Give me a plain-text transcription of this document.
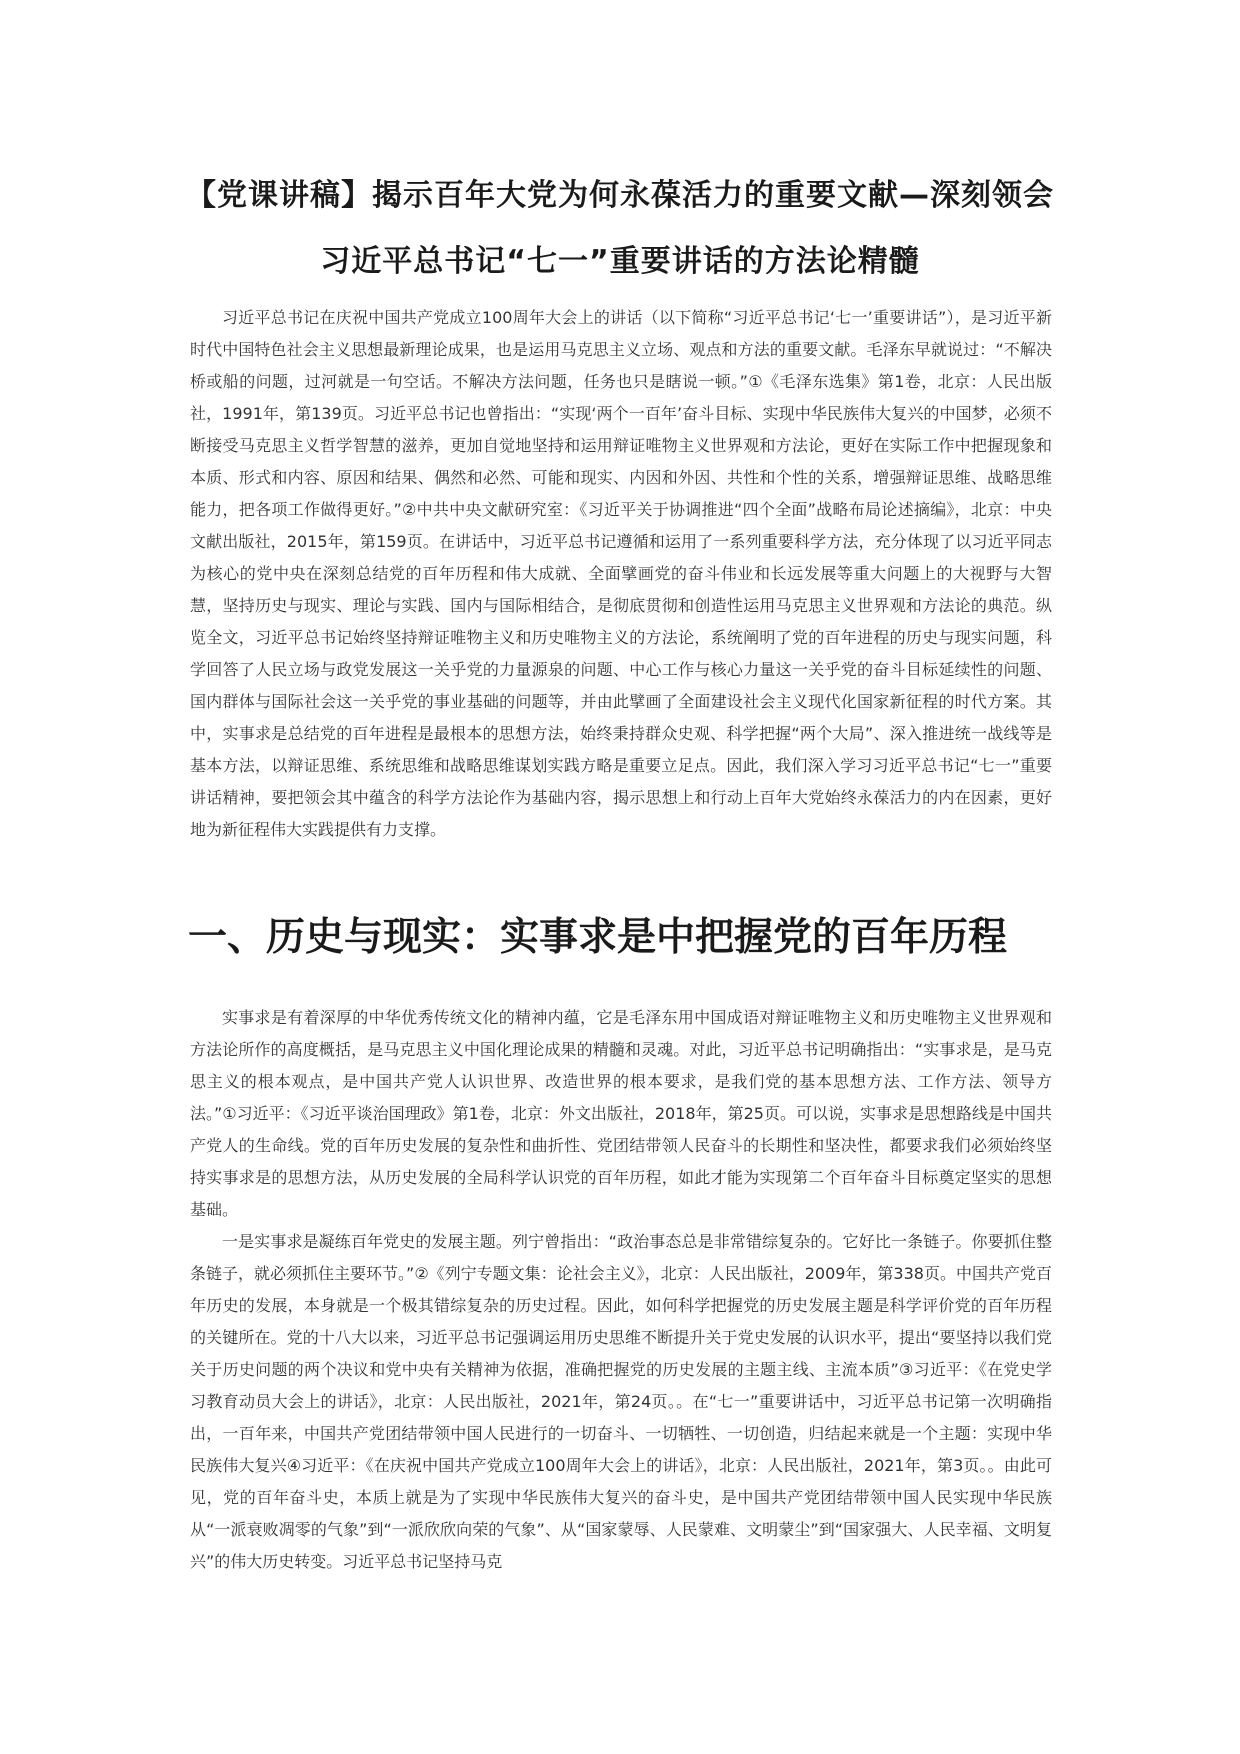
【党课讲稿】揭示百年大党为何永葆活力的重要文献—深刻领会
习近平总书记“七一”重要讲话的方法论精髓

习近平总书记在庆祝中国共产党成立100周年大会上的讲话（以下简称“习近平总书记‘七一’重要讲话”），是习近平新时代中国特色社会主义思想最新理论成果，也是运用马克思主义立场、观点和方法的重要文献。毛泽东早就说过：“不解决桥或船的问题，过河就是一句空话。不解决方法问题，任务也只是瞎说一顿。”①《毛泽东选集》第1卷，北京：人民出版社，1991年，第139页。习近平总书记也曾指出：“实现‘两个一百年’奋斗目标、实现中华民族伟大复兴的中国梦，必须不断接受马克思主义哲学智慧的滋养，更加自觉地坚持和运用辩证唯物主义世界观和方法论，更好在实际工作中把握现象和本质、形式和内容、原因和结果、偶然和必然、可能和现实、内因和外因、共性和个性的关系，增强辩证思维、战略思维能力，把各项工作做得更好。”②中共中央文献研究室：《习近平关于协调推进“四个全面”战略布局论述摘编》，北京：中央文献出版社，2015年，第159页。在讲话中，习近平总书记遵循和运用了一系列重要科学方法，充分体现了以习近平同志为核心的党中央在深刻总结党的百年历程和伟大成就、全面擘画党的奋斗伟业和长远发展等重大问题上的大视野与大智慧，坚持历史与现实、理论与实践、国内与国际相结合，是彻底贯彻和创造性运用马克思主义世界观和方法论的典范。纵览全文，习近平总书记始终坚持辩证唯物主义和历史唯物主义的方法论，系统阐明了党的百年进程的历史与现实问题，科学回答了人民立场与政党发展这一关乎党的力量源泉的问题、中心工作与核心力量这一关乎党的奋斗目标延续性的问题、国内群体与国际社会这一关乎党的事业基础的问题等，并由此擘画了全面建设社会主义现代化国家新征程的时代方案。其中，实事求是总结党的百年进程是最根本的思想方法，始终秉持群众史观、科学把握“两个大局”、深入推进统一战线等是基本方法，以辩证思维、系统思维和战略思维谋划实践方略是重要立足点。因此，我们深入学习习近平总书记“七一”重要讲话精神，要把领会其中蕴含的科学方法论作为基础内容，揭示思想上和行动上百年大党始终永葆活力的内在因素，更好地为新征程伟大实践提供有力支撑。

一、历史与现实：实事求是中把握党的百年历程

实事求是有着深厚的中华优秀传统文化的精神内蕴，它是毛泽东用中国成语对辩证唯物主义和历史唯物主义世界观和方法论所作的高度概括，是马克思主义中国化理论成果的精髓和灵魂。对此，习近平总书记明确指出：“实事求是，是马克思主义的根本观点，是中国共产党人认识世界、改造世界的根本要求，是我们党的基本思想方法、工作方法、领导方法。”①习近平：《习近平谈治国理政》第1卷，北京：外文出版社，2018年，第25页。可以说，实事求是思想路线是中国共产党人的生命线。党的百年历史发展的复杂性和曲折性、党团结带领人民奋斗的长期性和坚决性，都要求我们必须始终坚持实事求是的思想方法，从历史发展的全局科学认识党的百年历程，如此才能为实现第二个百年奋斗目标奠定坚实的思想基础。

一是实事求是凝练百年党史的发展主题。列宁曾指出：“政治事态总是非常错综复杂的。它好比一条链子。你要抓住整条链子，就必须抓住主要环节。”②《列宁专题文集：论社会主义》，北京：人民出版社，2009年，第338页。中国共产党百年历史的发展，本身就是一个极其错综复杂的历史过程。因此，如何科学把握党的历史发展主题是科学评价党的百年历程的关键所在。党的十八大以来，习近平总书记强调运用历史思维不断提升关于党史发展的认识水平，提出“要坚持以我们党关于历史问题的两个决议和党中央有关精神为依据，准确把握党的历史发展的主题主线、主流本质”③习近平：《在党史学习教育动员大会上的讲话》，北京：人民出版社，2021年，第24页。。在“七一”重要讲话中，习近平总书记第一次明确指出，一百年来，中国共产党团结带领中国人民进行的一切奋斗、一切牺牲、一切创造，归结起来就是一个主题：实现中华民族伟大复兴④习近平：《在庆祝中国共产党成立100周年大会上的讲话》，北京：人民出版社，2021年，第3页。。由此可见，党的百年奋斗史，本质上就是为了实现中华民族伟大复兴的奋斗史，是中国共产党团结带领中国人民实现中华民族从“一派衰败凋零的气象”到“一派欣欣向荣的气象”、从“国家蒙辱、人民蒙难、文明蒙尘”到“国家强大、人民幸福、文明复兴”的伟大历史转变。习近平总书记坚持马克
